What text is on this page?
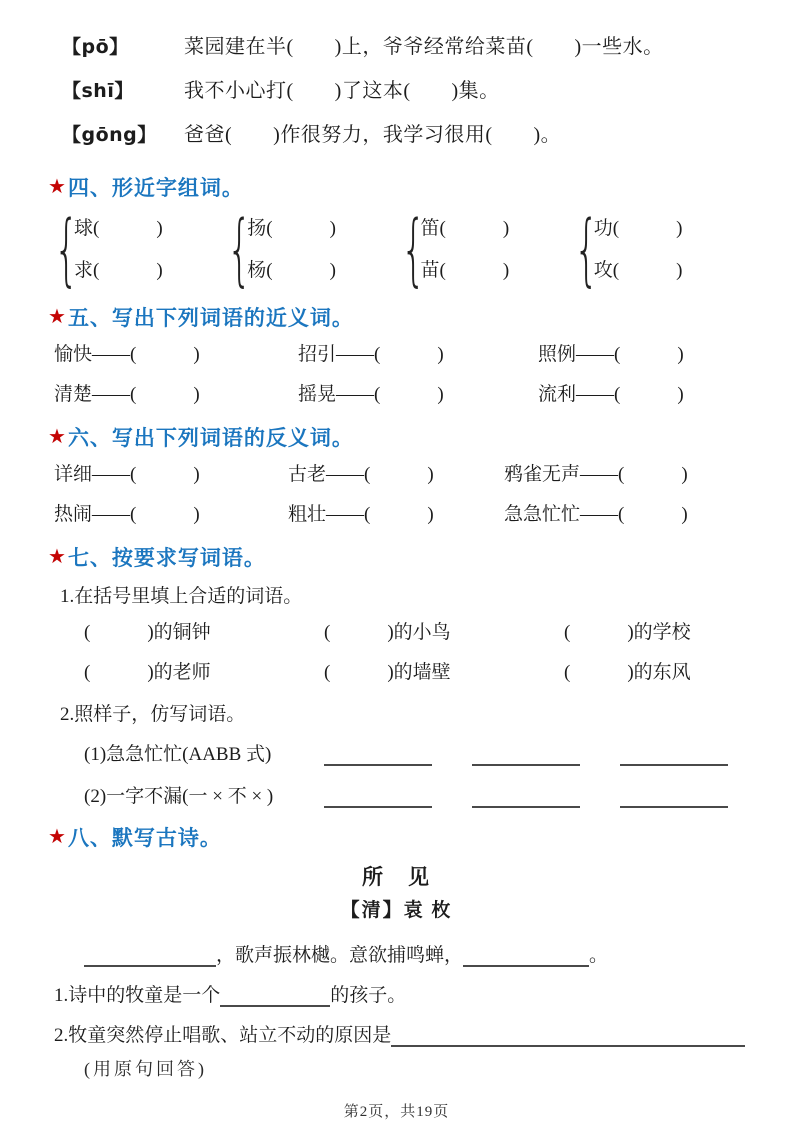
【pō】	菜园建在半(　　)上，爷爷经常给菜苗(　　)一些水。
【shī】	我不小心打(　　)了这本(　　)集。
【gōng】	爸爸(　　)作很努力，我学习很用(　　)。
★ 四、形近字组词。
{
球(　　　)
求(　　　) {
扬(　　　)
杨(　　　) {
笛(　　　)
苗(　　　) {
功(　　　)
攻(　　　)
★ 五、写出下列词语的近义词。
愉快——(　　　)	招引——(　　　)	照例——(　　　)
清楚——(　　　)	摇晃——(　　　)	流利——(　　　)
★ 六、写出下列词语的反义词。
详细——(　　　)	古老——(　　　)	鸦雀无声——(　　　)
热闹——(　　　)	粗壮——(　　　)	急急忙忙——(　　　)
★ 七、按要求写词语。
1.在括号里填上合适的词语。
(　　　)的铜钟	(　　　)的小鸟	(　　　)的学校
(　　　)的老师	(　　　)的墙壁	(　　　)的东风
2.照样子，仿写词语。
(1)急急忙忙(AABB 式)
(2)一字不漏(一 × 不 × )
★ 八、默写古诗。
所　见
【清】袁 枚
，歌声振林樾。意欲捕鸣蝉，	。
1.诗中的牧童是一个	的孩子。
2.牧童突然停止唱歌、站立不动的原因是
(用原句回答)
第2页，共19页
